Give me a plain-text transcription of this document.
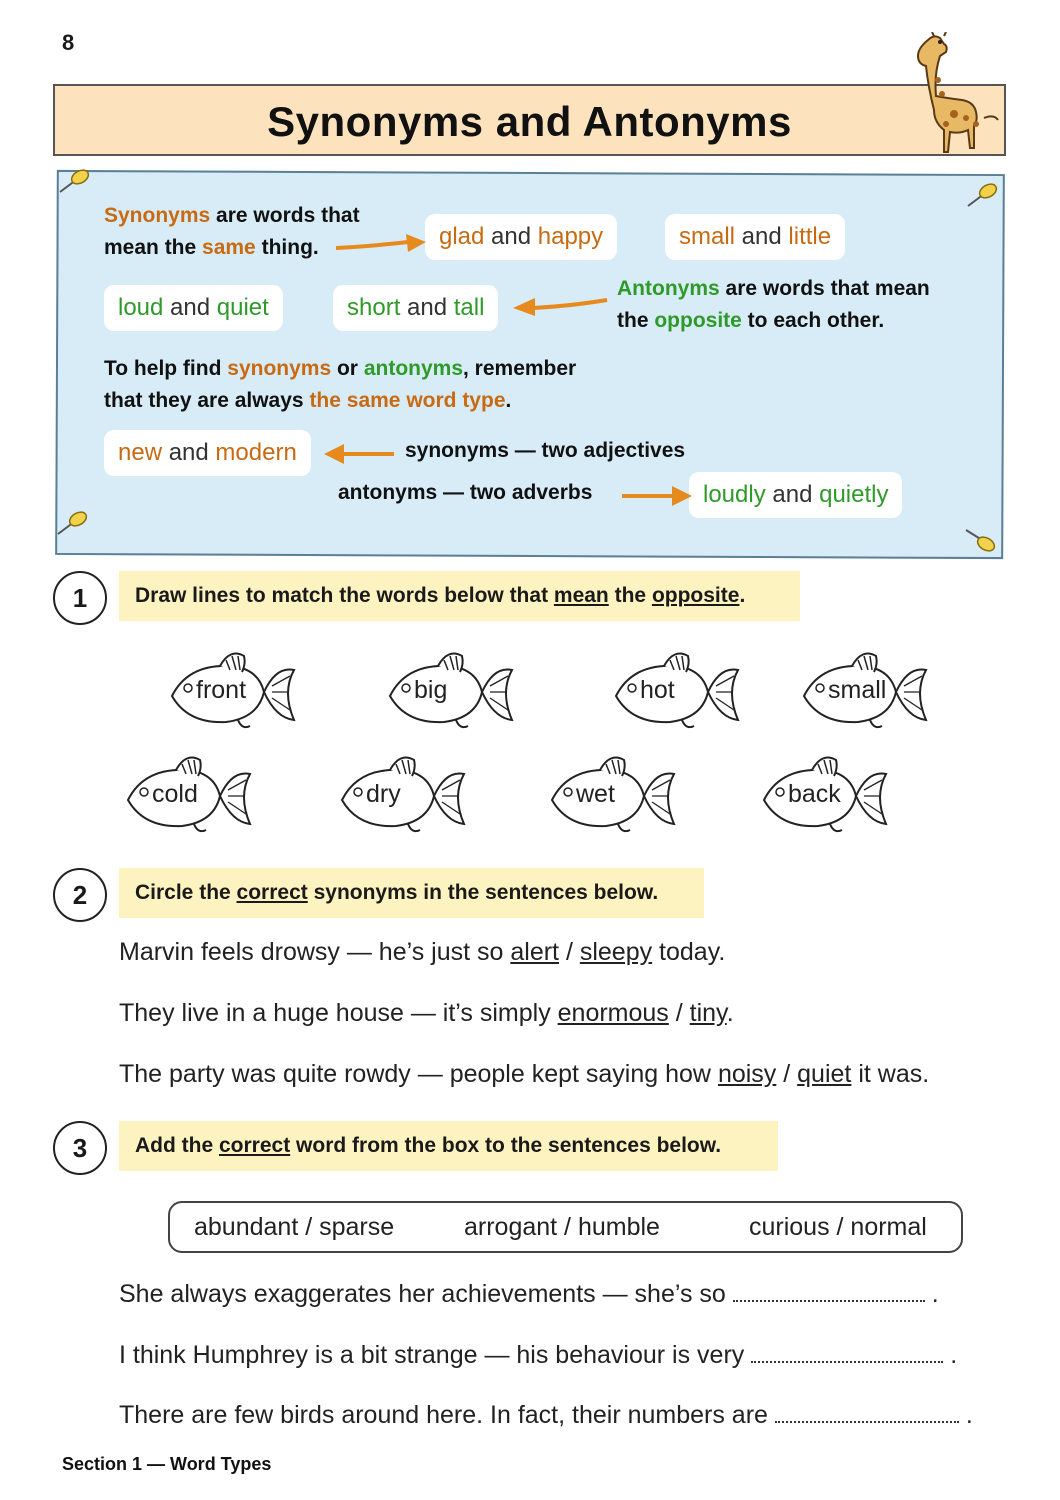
8
Synonyms and Antonyms
Synonyms are words that
mean the same thing.
Antonyms are words that mean
the opposite to each other.
To help find synonyms or antonyms, remember
that they are always the same word type.
glad and happy	small and little
loud and quiet	short and tall
new and modern
loudly and quietly
synonyms — two adjectives
antonyms — two adverbs
1	Draw lines to match the words below that mean the opposite.
front	big	hot	small
cold	dry	wet	back
2	Circle the correct synonyms in the sentences below.
Marvin feels drowsy — he’s just so alert / sleepy today.
They live in a huge house — it’s simply enormous / tiny.
The party was quite rowdy — people kept saying how noisy / quiet it was.
3	Add the correct word from the box to the sentences below.
abundant / sparse	arrogant / humble	curious / normal
She always exaggerates her achievements — she’s so	.
I think Humphrey is a bit strange — his behaviour is very	.
There are few birds around here. In fact, their numbers are	.
Section 1 — Word Types
